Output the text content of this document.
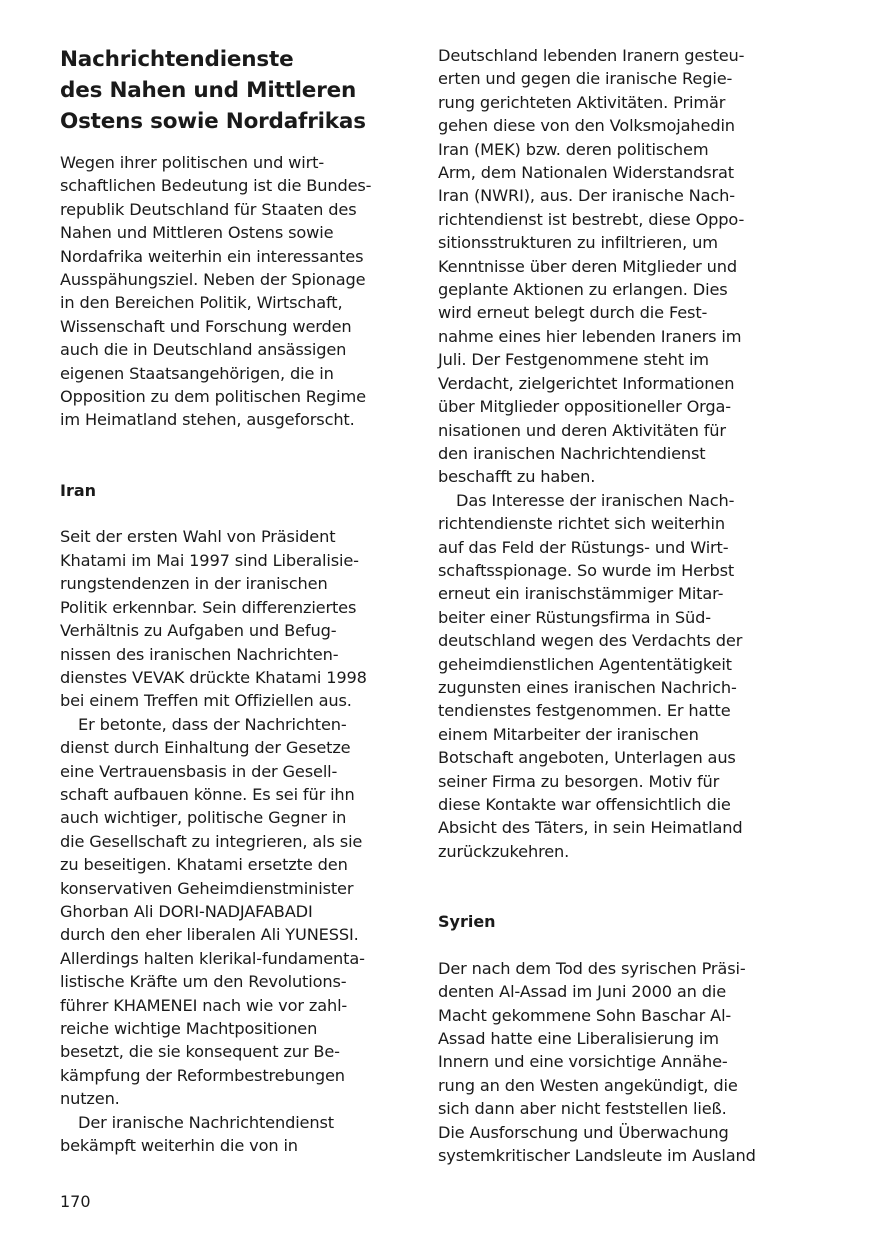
Nachrichtendienste
des Nahen und Mittleren
Ostens sowie Nordafrikas
Wegen ihrer politischen und wirt-
schaftlichen Bedeutung ist die Bundes-
republik Deutschland für Staaten des
Nahen und Mittleren Ostens sowie
Nordafrika weiterhin ein interessantes
Ausspähungsziel. Neben der Spionage
in den Bereichen Politik, Wirtschaft,
Wissenschaft und Forschung werden
auch die in Deutschland ansässigen
eigenen Staatsangehörigen, die in
Opposition zu dem politischen Regime
im Heimatland stehen, ausgeforscht.
Iran
Seit der ersten Wahl von Präsident
Khatami im Mai 1997 sind Liberalisie-
rungstendenzen in der iranischen
Politik erkennbar. Sein differenziertes
Verhältnis zu Aufgaben und Befug-
nissen des iranischen Nachrichten-
dienstes VEVAK drückte Khatami 1998
bei einem Treffen mit Offiziellen aus.
Er betonte, dass der Nachrichten-
dienst durch Einhaltung der Gesetze
eine Vertrauensbasis in der Gesell-
schaft aufbauen könne. Es sei für ihn
auch wichtiger, politische Gegner in
die Gesellschaft zu integrieren, als sie
zu beseitigen. Khatami ersetzte den
konservativen Geheimdienstminister
Ghorban Ali DORI-NADJAFABADI
durch den eher liberalen Ali YUNESSI.
Allerdings halten klerikal-fundamenta-
listische Kräfte um den Revolutions-
führer KHAMENEI nach wie vor zahl-
reiche wichtige Machtpositionen
besetzt, die sie konsequent zur Be-
kämpfung der Reformbestrebungen
nutzen.
Der iranische Nachrichtendienst
bekämpft weiterhin die von in
Deutschland lebenden Iranern gesteu-
erten und gegen die iranische Regie-
rung gerichteten Aktivitäten. Primär
gehen diese von den Volksmojahedin
Iran (MEK) bzw. deren politischem
Arm, dem Nationalen Widerstandsrat
Iran (NWRI), aus. Der iranische Nach-
richtendienst ist bestrebt, diese Oppo-
sitionsstrukturen zu infiltrieren, um
Kenntnisse über deren Mitglieder und
geplante Aktionen zu erlangen. Dies
wird erneut belegt durch die Fest-
nahme eines hier lebenden Iraners im
Juli. Der Festgenommene steht im
Verdacht, zielgerichtet Informationen
über Mitglieder oppositioneller Orga-
nisationen und deren Aktivitäten für
den iranischen Nachrichtendienst
beschafft zu haben.
Das Interesse der iranischen Nach-
richtendienste richtet sich weiterhin
auf das Feld der Rüstungs- und Wirt-
schaftsspionage. So wurde im Herbst
erneut ein iranischstämmiger Mitar-
beiter einer Rüstungsfirma in Süd-
deutschland wegen des Verdachts der
geheimdienstlichen Agententätigkeit
zugunsten eines iranischen Nachrich-
tendienstes festgenommen. Er hatte
einem Mitarbeiter der iranischen
Botschaft angeboten, Unterlagen aus
seiner Firma zu besorgen. Motiv für
diese Kontakte war offensichtlich die
Absicht des Täters, in sein Heimatland
zurückzukehren.
Syrien
Der nach dem Tod des syrischen Präsi-
denten Al-Assad im Juni 2000 an die
Macht gekommene Sohn Baschar Al-
Assad hatte eine Liberalisierung im
Innern und eine vorsichtige Annähe-
rung an den Westen angekündigt, die
sich dann aber nicht feststellen ließ.
Die Ausforschung und Überwachung
systemkritischer Landsleute im Ausland
170
